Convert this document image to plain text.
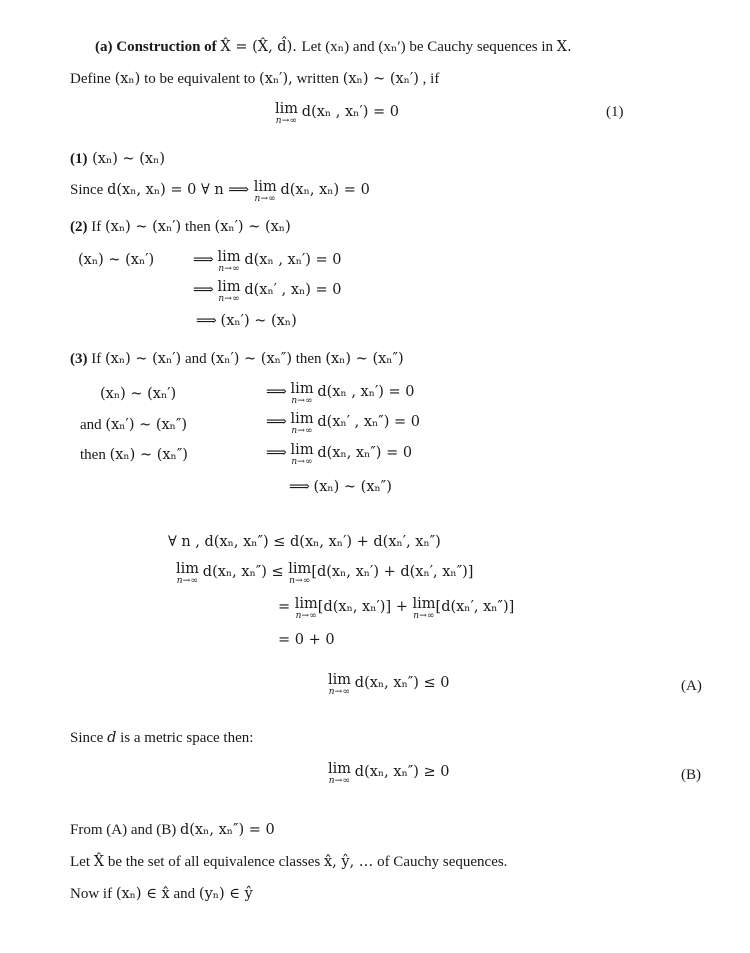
(a) Construction of X̂ = (X̂, d̂). Let (xₙ) and (xₙ′) be Cauchy sequences in X.
Define (xₙ) to be equivalent to (xₙ′), written (xₙ) ~ (xₙ′) , if
lim
n→∞
d(xₙ , xₙ′) = 0	(1)
(1) (xₙ) ~ (xₙ)
Since d(xₙ, xₙ) = 0 ∀ n ⟹ lim
n→∞
d(xₙ, xₙ) = 0
(2) If (xₙ) ~ (xₙ′) then (xₙ′) ~ (xₙ)
(xₙ) ~ (xₙ′)	⟹ lim
n→∞
d(xₙ , xₙ′) = 0
⟹ lim
n→∞
d(xₙ′ , xₙ) = 0
⟹ (xₙ′) ~ (xₙ)
(3) If (xₙ) ~ (xₙ′) and (xₙ′) ~ (xₙ″) then (xₙ) ~ (xₙ″)
(xₙ) ~ (xₙ′)
and (xₙ′) ~ (xₙ″)
then (xₙ) ~ (xₙ″)
⟹ lim
n→∞
d(xₙ , xₙ′) = 0
⟹ lim
n→∞
d(xₙ′ , xₙ″) = 0
⟹ lim
n→∞
d(xₙ, xₙ″) = 0
⟹ (xₙ) ~ (xₙ″)
∀ n , d(xₙ, xₙ″) ≤ d(xₙ, xₙ′) + d(xₙ′, xₙ″)
lim
n→∞
d(xₙ, xₙ″) ≤ lim
n→∞
[d(xₙ, xₙ′) + d(xₙ′, xₙ″)]
= lim
n→∞
[d(xₙ, xₙ′)] + lim
n→∞
[d(xₙ′, xₙ″)]
= 0 + 0
lim
n→∞
d(xₙ, xₙ″) ≤ 0	(A)
Since d is a metric space then:
lim
n→∞
d(xₙ, xₙ″) ≥ 0	(B)
From (A) and (B) d(xₙ, xₙ″) = 0
Let X̂ be the set of all equivalence classes x̂, ŷ, … of Cauchy sequences.
Now if (xₙ) ∈ x̂ and (yₙ) ∈ ŷ
